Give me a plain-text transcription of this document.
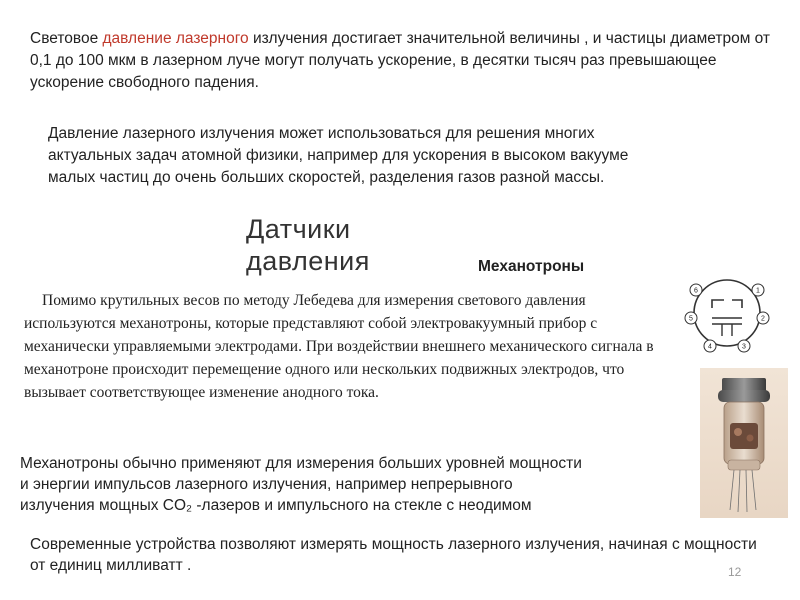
Световое давление лазерного излучения достигает значительной величины , и частицы диаметром от 0,1 до 100 мкм в лазерном луче могут получать ускорение, в десятки тысяч раз превышающее ускорение свободного падения.
Давление лазерного излучения может использоваться для решения многих
актуальных задач атомной физики, например для ускорения в высоком вакууме
малых частиц до очень больших скоростей, разделения газов разной массы.
Датчики
давления	Механотроны
Помимо крутильных весов по методу Лебедева для измерения светового давления используются механотроны, которые представляют собой электровакуумный прибор с механически управляемыми электродами. При воздействии внешнего механического сигнала в механотроне происходит перемещение одного или нескольких подвижных электродов, что вызывает соответствующее изменение анодного тока.
Механотроны обычно применяют для измерения больших уровней мощности
и энергии импульсов лазерного излучения, например непрерывного
излучения мощных CO₂ -лазеров и импульсного на стекле с неодимом
Современные устройства позволяют измерять мощность лазерного излучения, начиная с мощности от единиц милливатт .
6	1
5	2
4	3
12
